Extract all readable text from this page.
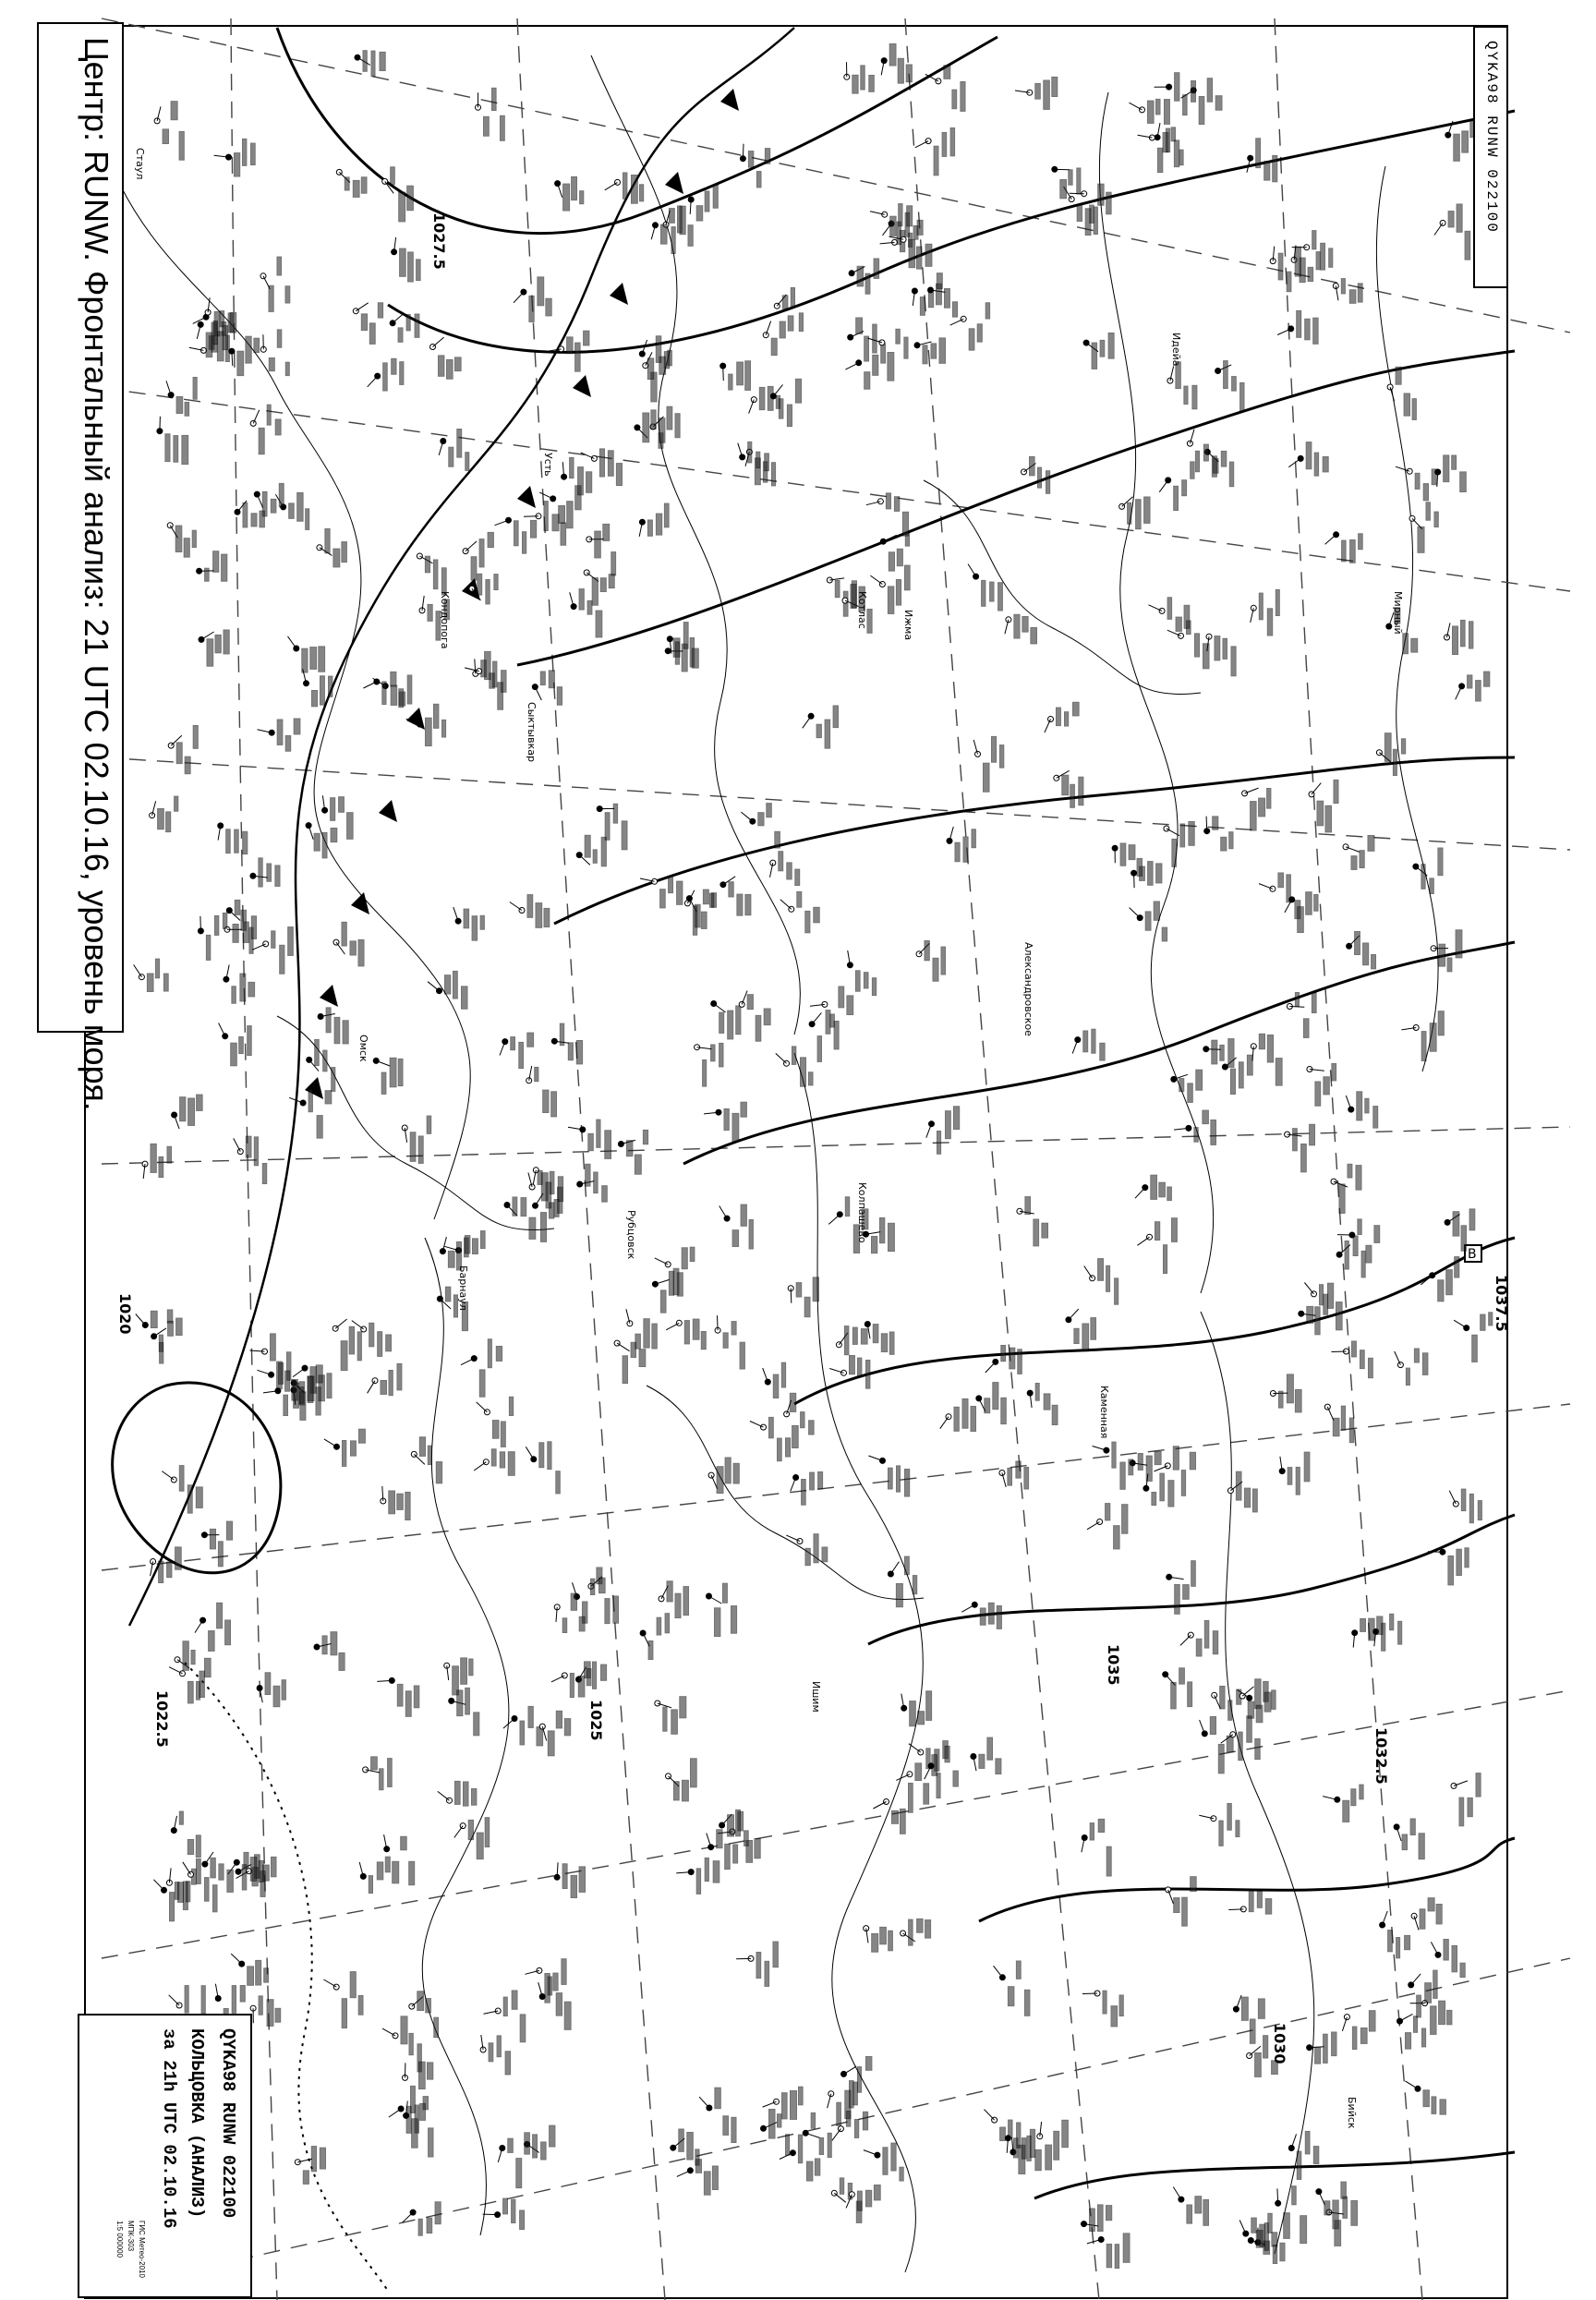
В
1027.5
1025
1022.5
1030
1032.5
1035
1037.5
1020
Стаул
Идейа
Усть
Кондопога	Котлас
Сыктывкар
Ижма	Мирный
Александровское
Колпашево
Каменная
Барнаул
Бийск
Омск
Рубцовск
Ишим
Центр: RUNW. Фронтальный анализ: 21 UTC 02.10.16, уровень моря.	QYKA98 RUNW 022100
QYKA98 RUNW 022100
КОЛЬЦОВКА (АНАЛИЗ)
за 21h UTC 02.10.16
ГИС Метео-2010
МПК-303
1:5 000000
